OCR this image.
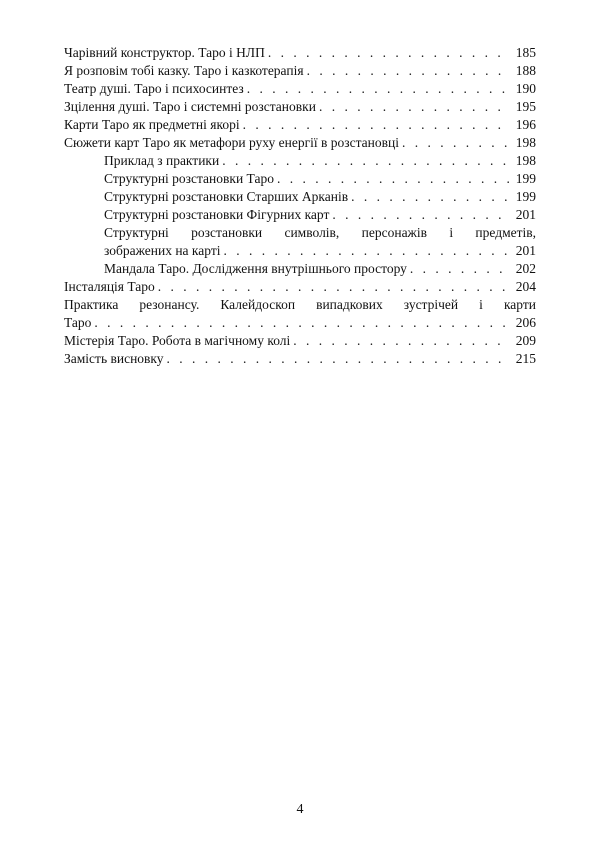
Чарівний конструктор. Таро і НЛП . . .	185
Я розповім тобі казку. Таро і казкотерапія . . .	188
Театр душі. Таро і психосинтез . . .	190
Зцілення душі. Таро і системні розстановки . . .	195
Карти Таро як предметні якорі . . .	196
Сюжети карт Таро як метафори руху енергії в розстановці . . .	198
Приклад з практики . . .	198
Структурні розстановки Таро . . .	199
Структурні розстановки Старших Арканів . . .	199
Структурні розстановки Фігурних карт . . .	201
Структурні розстановки символів, персонажів і предметів,
зображених на карті . . .	201
Мандала Таро. Дослідження внутрішнього простору . . .	202
Інсталяція Таро . . .	204
Практика резонансу. Калейдоскоп випадкових зустрічей і карти
Таро . . .	206
Містерія Таро. Робота в магічному колі . . .	209
Замість висновку . . .	215
4
